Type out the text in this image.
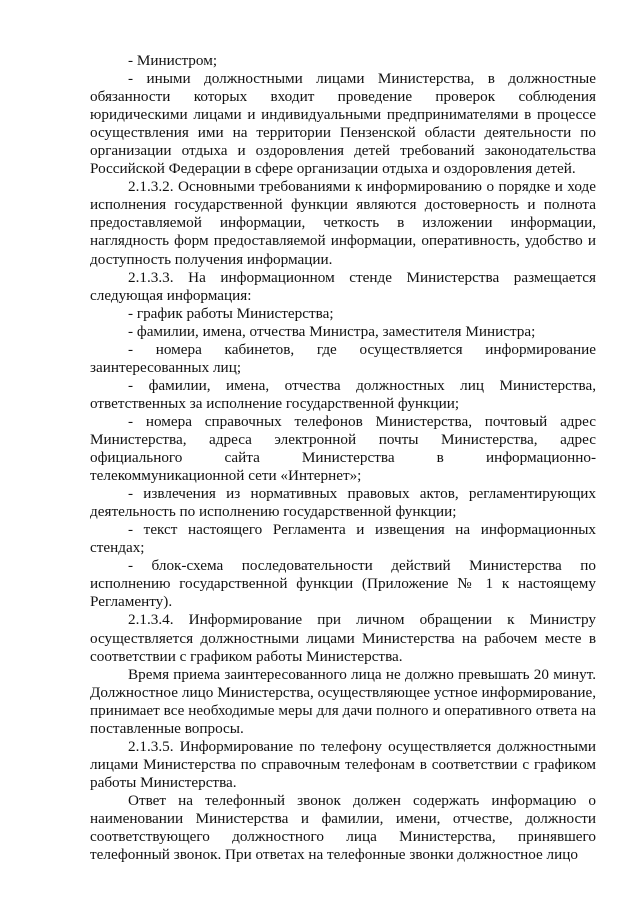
- Министром;

- иными должностными лицами Министерства, в должностные обязанности которых входит проведение проверок соблюдения юридическими лицами и индивидуальными предпринимателями в процессе осуществления ими на территории Пензенской области деятельности по организации отдыха и оздоровления детей требований законодательства Российской Федерации в сфере организации отдыха и оздоровления детей.

2.1.3.2. Основными требованиями к информированию о порядке и ходе исполнения государственной функции являются достоверность и полнота предоставляемой информации, четкость в изложении информации, наглядность форм предоставляемой информации, оперативность, удобство и доступность получения информации.

2.1.3.3. На информационном стенде Министерства размещается следующая информация:

- график работы Министерства;

- фамилии, имена, отчества Министра, заместителя Министра;

- номера кабинетов, где осуществляется информирование заинтересованных лиц;

- фамилии, имена, отчества должностных лиц Министерства, ответственных за исполнение государственной функции;

- номера справочных телефонов Министерства, почтовый адрес Министерства, адреса электронной почты Министерства, адрес официального сайта Министерства в информационно-телекоммуникационной сети «Интернет»;

- извлечения из нормативных правовых актов, регламентирующих деятельность по исполнению государственной функции;

- текст настоящего Регламента и извещения на информационных стендах;

- блок-схема последовательности действий Министерства по исполнению государственной функции (Приложение № 1 к настоящему Регламенту).

2.1.3.4. Информирование при личном обращении к Министру осуществляется должностными лицами Министерства на рабочем месте в соответствии с графиком работы Министерства.

Время приема заинтересованного лица не должно превышать 20 минут. Должностное лицо Министерства, осуществляющее устное информирование, принимает все необходимые меры для дачи полного и оперативного ответа на поставленные вопросы.

2.1.3.5. Информирование по телефону осуществляется должностными лицами Министерства по справочным телефонам в соответствии с графиком работы Министерства.

Ответ на телефонный звонок должен содержать информацию о наименовании Министерства и фамилии, имени, отчестве, должности соответствующего должностного лица Министерства, принявшего телефонный звонок. При ответах на телефонные звонки должностное лицо
